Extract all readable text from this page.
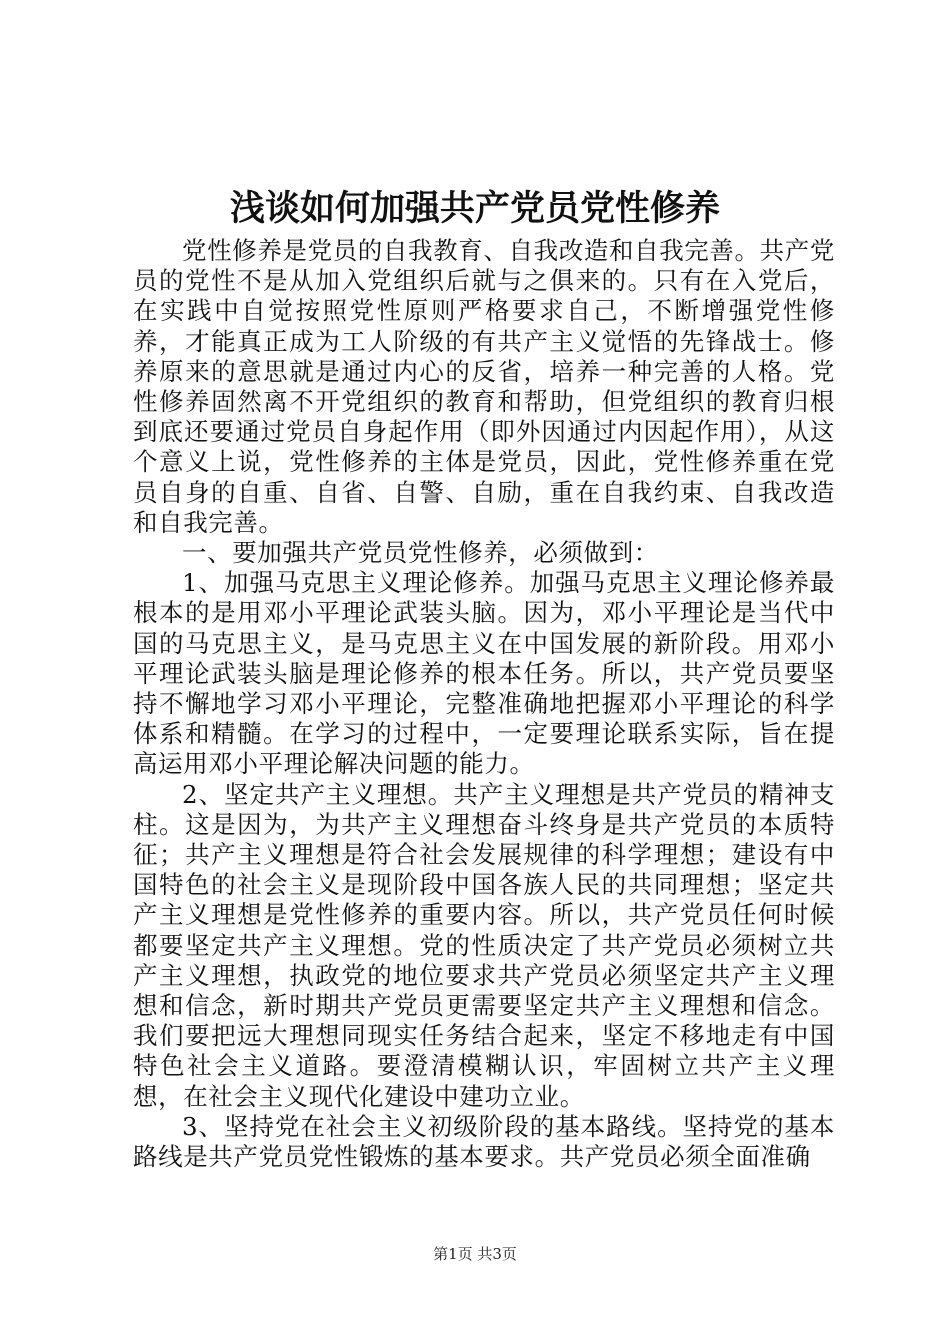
浅谈如何加强共产党员党性修养

党性修养是党员的自我教育、自我改造和自我完善。共产党员的党性不是从加入党组织后就与之俱来的。只有在入党后，在实践中自觉按照党性原则严格要求自己，不断增强党性修养，才能真正成为工人阶级的有共产主义觉悟的先锋战士。修养原来的意思就是通过内心的反省，培养一种完善的人格。党性修养固然离不开党组织的教育和帮助，但党组织的教育归根到底还要通过党员自身起作用（即外因通过内因起作用），从这个意义上说，党性修养的主体是党员，因此，党性修养重在党员自身的自重、自省、自警、自励，重在自我约束、自我改造和自我完善。

一、要加强共产党员党性修养，必须做到：

1、加强马克思主义理论修养。加强马克思主义理论修养最根本的是用邓小平理论武装头脑。因为，邓小平理论是当代中国的马克思主义，是马克思主义在中国发展的新阶段。用邓小平理论武装头脑是理论修养的根本任务。所以，共产党员要坚持不懈地学习邓小平理论，完整准确地把握邓小平理论的科学体系和精髓。在学习的过程中，一定要理论联系实际，旨在提高运用邓小平理论解决问题的能力。

2、坚定共产主义理想。共产主义理想是共产党员的精神支柱。这是因为，为共产主义理想奋斗终身是共产党员的本质特征；共产主义理想是符合社会发展规律的科学理想；建设有中国特色的社会主义是现阶段中国各族人民的共同理想；坚定共产主义理想是党性修养的重要内容。所以，共产党员任何时候都要坚定共产主义理想。党的性质决定了共产党员必须树立共产主义理想，执政党的地位要求共产党员必须坚定共产主义理想和信念，新时期共产党员更需要坚定共产主义理想和信念。我们要把远大理想同现实任务结合起来，坚定不移地走有中国特色社会主义道路。要澄清模糊认识，牢固树立共产主义理想，在社会主义现代化建设中建功立业。

3、坚持党在社会主义初级阶段的基本路线。坚持党的基本路线是共产党员党性锻炼的基本要求。共产党员必须全面准确

第1页 共3页
